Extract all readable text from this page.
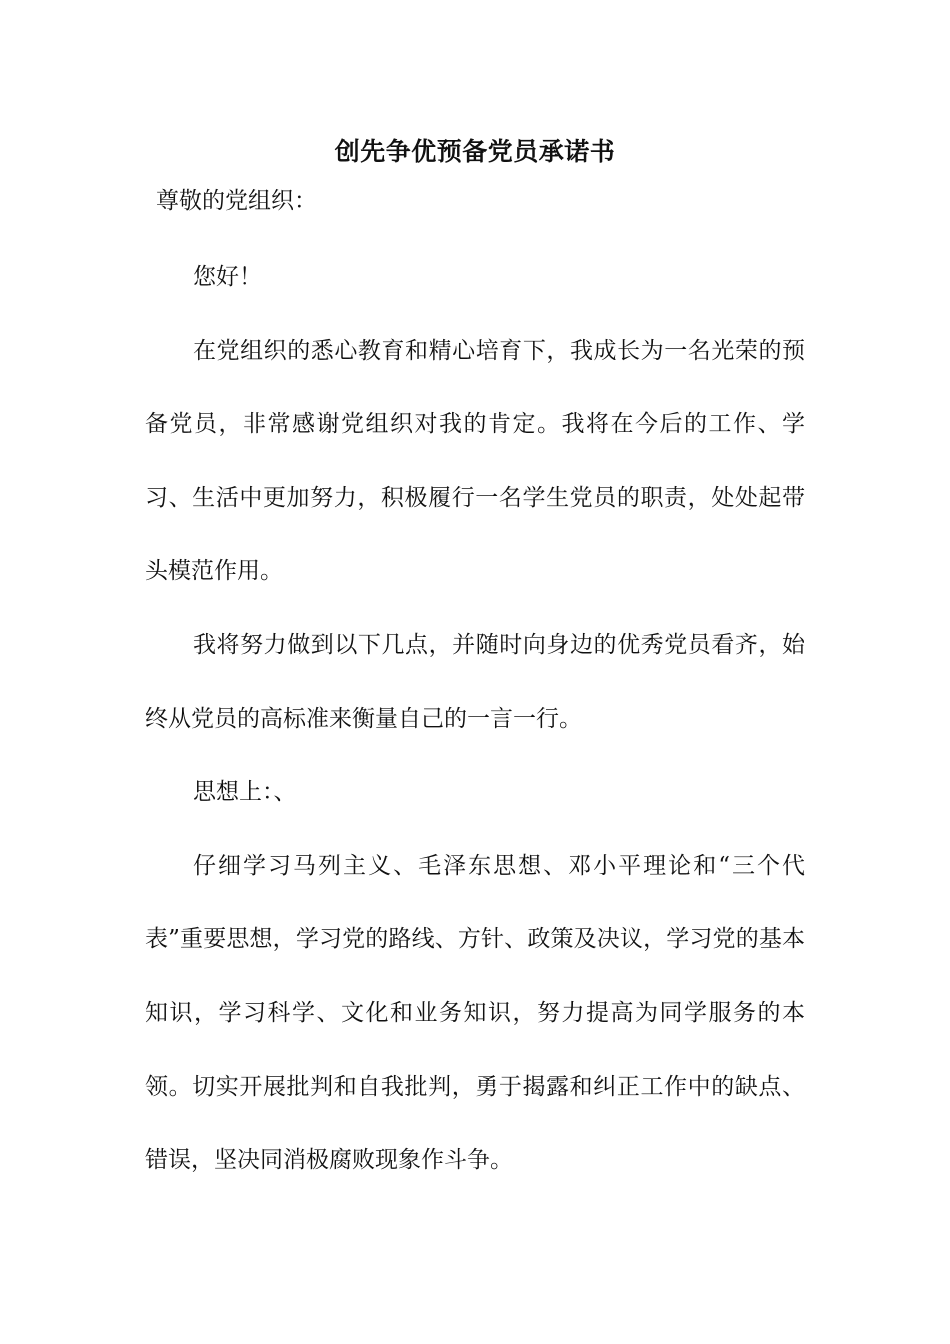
创先争优预备党员承诺书
尊敬的党组织：

您好！

在党组织的悉心教育和精心培育下，我成长为一名光荣的预备党员，非常感谢党组织对我的肯定。我将在今后的工作、学习、生活中更加努力，积极履行一名学生党员的职责，处处起带头模范作用。

我将努力做到以下几点，并随时向身边的优秀党员看齐，始终从党员的高标准来衡量自己的一言一行。

思想上：、

仔细学习马列主义、毛泽东思想、邓小平理论和“三个代表”重要思想，学习党的路线、方针、政策及决议，学习党的基本知识，学习科学、文化和业务知识，努力提高为同学服务的本领。切实开展批判和自我批判，勇于揭露和纠正工作中的缺点、错误，坚决同消极腐败现象作斗争。
